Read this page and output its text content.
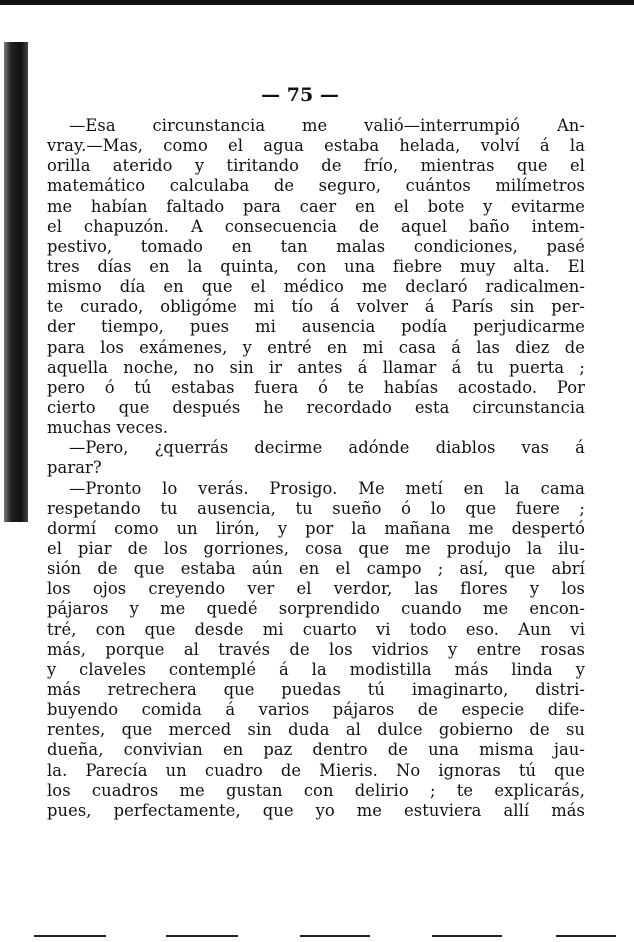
— 75 —
—Esa circunstancia me valió—interrumpió An-
vray.—Mas, como el agua estaba helada, volví á la
orilla aterido y tiritando de frío, mientras que el
matemático calculaba de seguro, cuántos milímetros
me habían faltado para caer en el bote y evitarme
el chapuzón. A consecuencia de aquel baño intem-
pestivo, tomado en tan malas condiciones, pasé
tres días en la quinta, con una fiebre muy alta. El
mismo día en que el médico me declaró radicalmen-
te curado, obligóme mi tío á volver á París sin per-
der tiempo, pues mi ausencia podía perjudicarme
para los exámenes, y entré en mi casa á las diez de
aquella noche, no sin ir antes á llamar á tu puerta ;
pero ó tú estabas fuera ó te habías acostado. Por
cierto que después he recordado esta circunstancia
muchas veces.
—Pero, ¿querrás decirme adónde diablos vas á
parar?
—Pronto lo verás. Prosigo. Me metí en la cama
respetando tu ausencia, tu sueño ó lo que fuere ;
dormí como un lirón, y por la mañana me despertó
el piar de los gorriones, cosa que me produjo la ilu-
sión de que estaba aún en el campo ; así, que abrí
los ojos creyendo ver el verdor, las flores y los
pájaros y me quedé sorprendido cuando me encon-
tré, con que desde mi cuarto vi todo eso. Aun vi
más, porque al través de los vidrios y entre rosas
y claveles contemplé á la modistilla más linda y
más retrechera que puedas tú imaginarto, distri-
buyendo comida á varios pájaros de especie dife-
rentes, que merced sin duda al dulce gobierno de su
dueña, convivian en paz dentro de una misma jau-
la. Parecía un cuadro de Mieris. No ignoras tú que
los cuadros me gustan con delirio ; te explicarás,
pues, perfectamente, que yo me estuviera allí más
